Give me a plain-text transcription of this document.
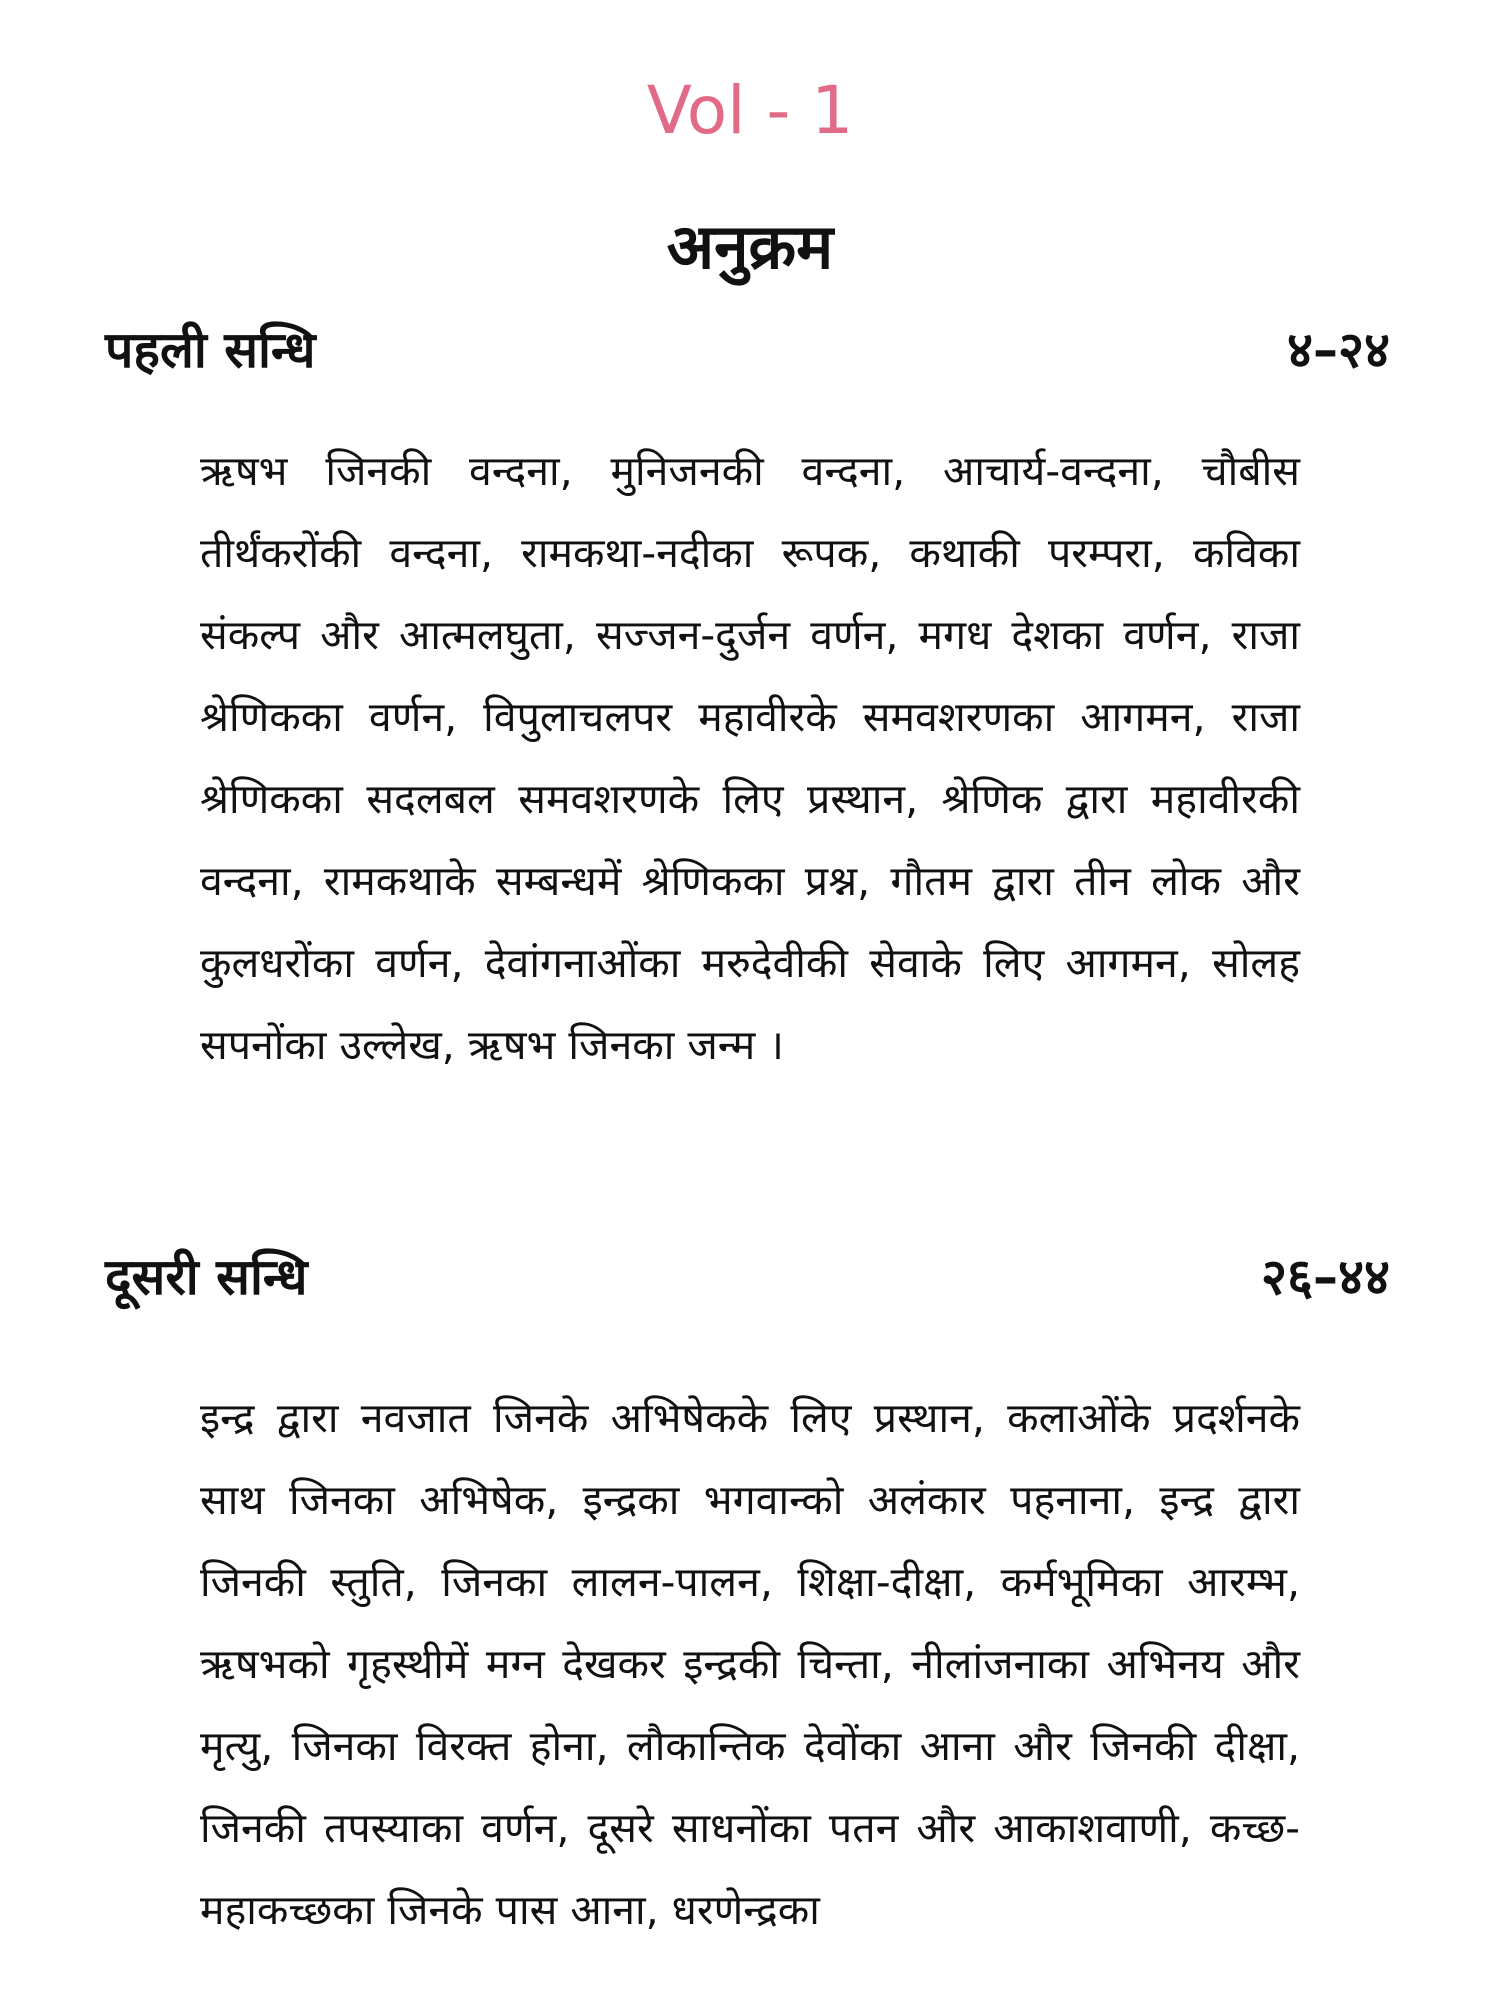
Vol - 1
अनुक्रम
पहली सन्धि	४–२४
ऋषभ जिनकी वन्दना, मुनिजनकी वन्दना, आचार्य-वन्दना, चौबीस तीर्थंकरोंकी वन्दना, रामकथा-नदीका रूपक, कथाकी परम्परा, कविका संकल्प और आत्मलघुता, सज्जन-दुर्जन वर्णन, मगध देशका वर्णन, राजा श्रेणिकका वर्णन, विपुलाचलपर महावीरके समवशरणका आगमन, राजा श्रेणिकका सदलबल समवशरणके लिए प्रस्थान, श्रेणिक द्वारा महावीरकी वन्दना, रामकथाके सम्बन्धमें श्रेणिकका प्रश्न, गौतम द्वारा तीन लोक और कुलधरोंका वर्णन, देवांगनाओंका मरुदेवीकी सेवाके लिए आगमन, सोलह सपनोंका उल्लेख, ऋषभ जिनका जन्म ।
दूसरी सन्धि	२६–४४
इन्द्र द्वारा नवजात जिनके अभिषेकके लिए प्रस्थान, कलाओंके प्रदर्शनके साथ जिनका अभिषेक, इन्द्रका भगवान्को अलंकार पहनाना, इन्द्र द्वारा जिनकी स्तुति, जिनका लालन-पालन, शिक्षा-दीक्षा, कर्मभूमिका आरम्भ, ऋषभको गृहस्थीमें मग्न देखकर इन्द्रकी चिन्ता, नीलांजनाका अभिनय और मृत्यु, जिनका विरक्त होना, लौकान्तिक देवोंका आना और जिनकी दीक्षा, जिनकी तपस्याका वर्णन, दूसरे साधनोंका पतन और आकाशवाणी, कच्छ-महाकच्छका जिनके पास आना, धरणेन्द्रका
